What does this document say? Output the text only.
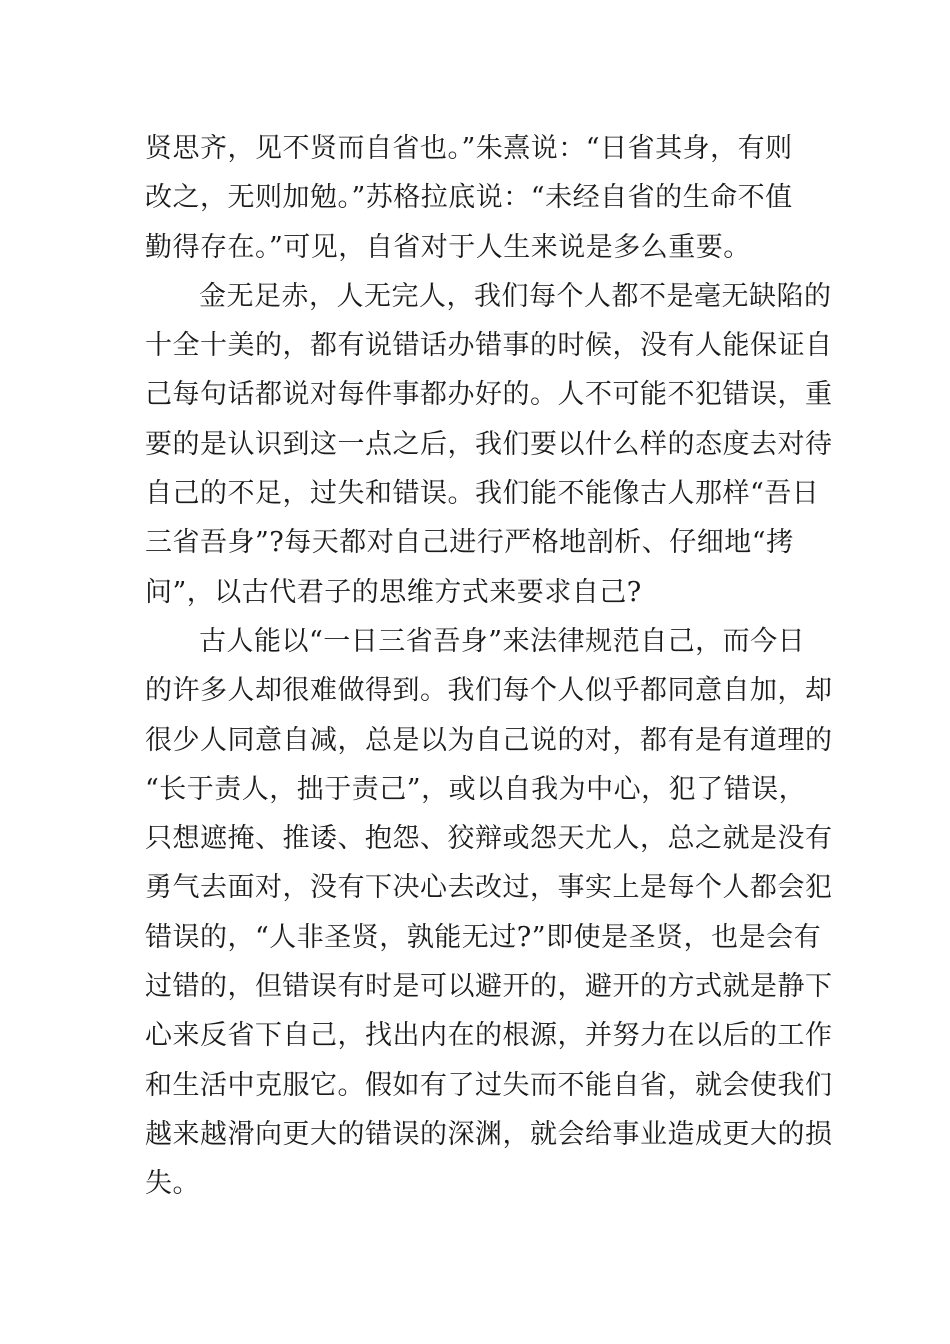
贤思齐，见不贤而自省也。”朱熹说：“日省其身，有则
改之，无则加勉。”苏格拉底说：“未经自省的生命不值
勤得存在。”可见，自省对于人生来说是多么重要。
金无足赤，人无完人，我们每个人都不是毫无缺陷的
十全十美的，都有说错话办错事的时候，没有人能保证自
己每句话都说对每件事都办好的。人不可能不犯错误，重
要的是认识到这一点之后，我们要以什么样的态度去对待
自己的不足，过失和错误。我们能不能像古人那样“吾日
三省吾身”?每天都对自己进行严格地剖析、仔细地“拷
问”，以古代君子的思维方式来要求自己?
古人能以“一日三省吾身”来法律规范自己，而今日
的许多人却很难做得到。我们每个人似乎都同意自加，却
很少人同意自减，总是以为自己说的对，都有是有道理的
“长于责人，拙于责己”，或以自我为中心，犯了错误，
只想遮掩、推诿、抱怨、狡辩或怨天尤人，总之就是没有
勇气去面对，没有下决心去改过，事实上是每个人都会犯
错误的，“人非圣贤，孰能无过?”即使是圣贤，也是会有
过错的，但错误有时是可以避开的，避开的方式就是静下
心来反省下自己，找出内在的根源，并努力在以后的工作
和生活中克服它。假如有了过失而不能自省，就会使我们
越来越滑向更大的错误的深渊，就会给事业造成更大的损
失。
